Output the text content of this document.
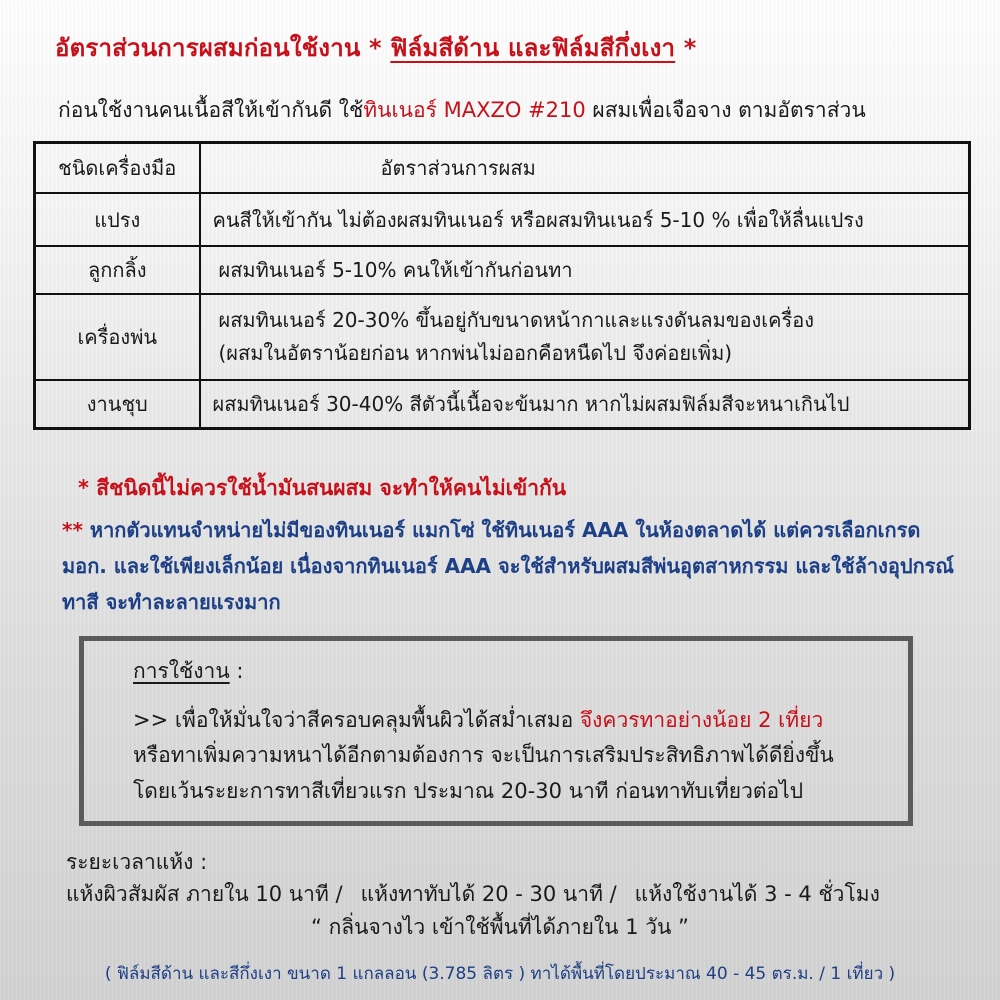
อัตราส่วนการผสมก่อนใช้งาน * ฟิล์มสีด้าน และฟิล์มสีกึ่งเงา *
ก่อนใช้งานคนเนื้อสีให้เข้ากันดี ใช้ทินเนอร์ MAXZO #210 ผสมเพื่อเจือจาง ตามอัตราส่วน
ชนิดเครื่องมือ	อัตราส่วนการผสม
แปรง	คนสีให้เข้ากัน ไม่ต้องผสมทินเนอร์ หรือผสมทินเนอร์ 5-10 % เพื่อให้ลื่นแปรง
ลูกกลิ้ง	ผสมทินเนอร์ 5-10% คนให้เข้ากันก่อนทา
เครื่องพ่น	ผสมทินเนอร์ 20-30% ขึ้นอยู่กับขนาดหน้ากาและแรงดันลมของเครื่อง
(ผสมในอัตราน้อยก่อน หากพ่นไม่ออกคือหนืดไป จึงค่อยเพิ่ม)

งานชุบ	ผสมทินเนอร์ 30-40% สีตัวนี้เนื้อจะข้นมาก หากไม่ผสมฟิล์มสีจะหนาเกินไป
* สีชนิดนี้ไม่ควรใช้น้ำมันสนผสม จะทำให้คนไม่เข้ากัน
** หากตัวแทนจำหน่ายไม่มีของทินเนอร์ แมกโซ่ ใช้ทินเนอร์ AAA ในห้องตลาดได้ แต่ควรเลือกเกรด มอก. และใช้เพียงเล็กน้อย เนื่องจากทินเนอร์ AAA จะใช้สำหรับผสมสีพ่นอุตสาหกรรม และใช้ล้างอุปกรณ์ทาสี จะทำละลายแรงมาก
การใช้งาน :
>> เพื่อให้มั่นใจว่าสีครอบคลุมพื้นผิวได้สม่ำเสมอ จึงควรทาอย่างน้อย 2 เที่ยว
หรือทาเพิ่มความหนาได้อีกตามต้องการ จะเป็นการเสริมประสิทธิภาพได้ดียิ่งขึ้น
โดยเว้นระยะการทาสีเที่ยวแรก ประมาณ 20-30 นาที ก่อนทาทับเที่ยวต่อไป
ระยะเวลาแห้ง :
แห้งผิวสัมผัส ภายใน 10 นาที / แห้งทาทับได้ 20 - 30 นาที / แห้งใช้งานได้ 3 - 4 ชั่วโมง
“ กลิ่นจางไว เข้าใช้พื้นที่ได้ภายใน 1 วัน ”
( ฟิล์มสีด้าน และสีกึ่งเงา ขนาด 1 แกลลอน (3.785 ลิตร ) ทาได้พื้นที่โดยประมาณ 40 - 45 ตร.ม. / 1 เที่ยว )
